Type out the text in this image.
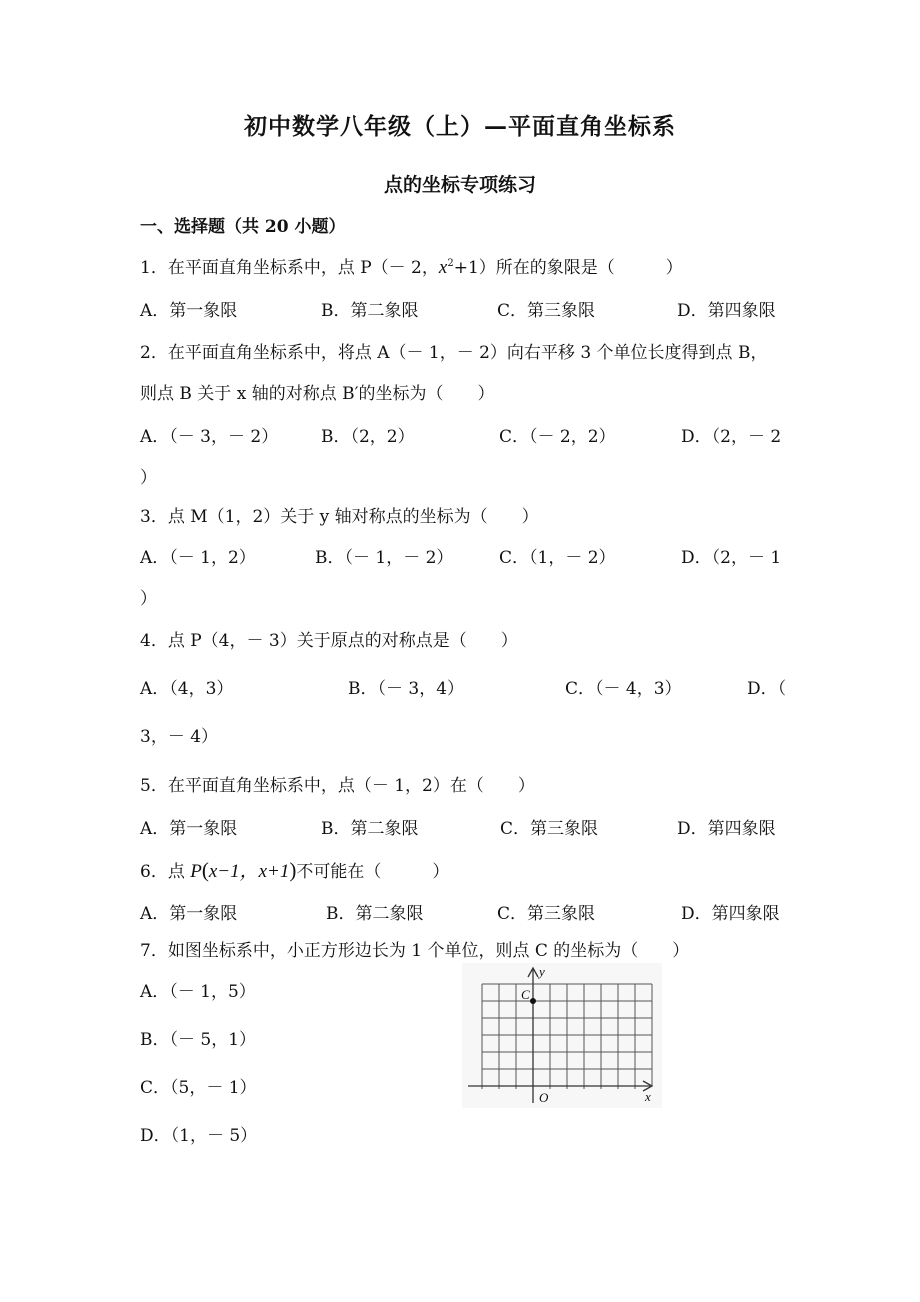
初中数学八年级（上）—平面直角坐标系
点的坐标专项练习
一、选择题（共 20 小题）
1．在平面直角坐标系中，点 P（－ 2，$x^2+1$）所在的象限是（　　　）
A．第一象限	B．第二象限	C．第三象限	D．第四象限
2．在平面直角坐标系中，将点 A（－ 1，－ 2）向右平移 3 个单位长度得到点 B，
则点 B 关于 x 轴的对称点 B′的坐标为（　　）
A．（－ 3，－ 2）	B．（2，2）	C．（－ 2，2）	D．（2，－ 2
）
3．点 M（1，2）关于 y 轴对称点的坐标为（　　）
A．（－ 1，2）	B．（－ 1，－ 2）	C．（1，－ 2）	D．（2，－ 1
）
4．点 P（4，－ 3）关于原点的对称点是（　　）
A．（4，3）	B．（－ 3，4）	C．（－ 4，3）	D．（
3，－ 4）
5．在平面直角坐标系中，点（－ 1，2）在（　　）
A．第一象限	B．第二象限	C．第三象限	D．第四象限
6．点 P(x−1，x+1)不可能在（　　　）
A．第一象限	B．第二象限	C．第三象限	D．第四象限
7．如图坐标系中，小正方形边长为 1 个单位，则点 C 的坐标为（　　）
A．（－ 1，5）
B．（－ 5，1）
C．（5，－ 1）
D．（1，－ 5）
C
y
x
O
